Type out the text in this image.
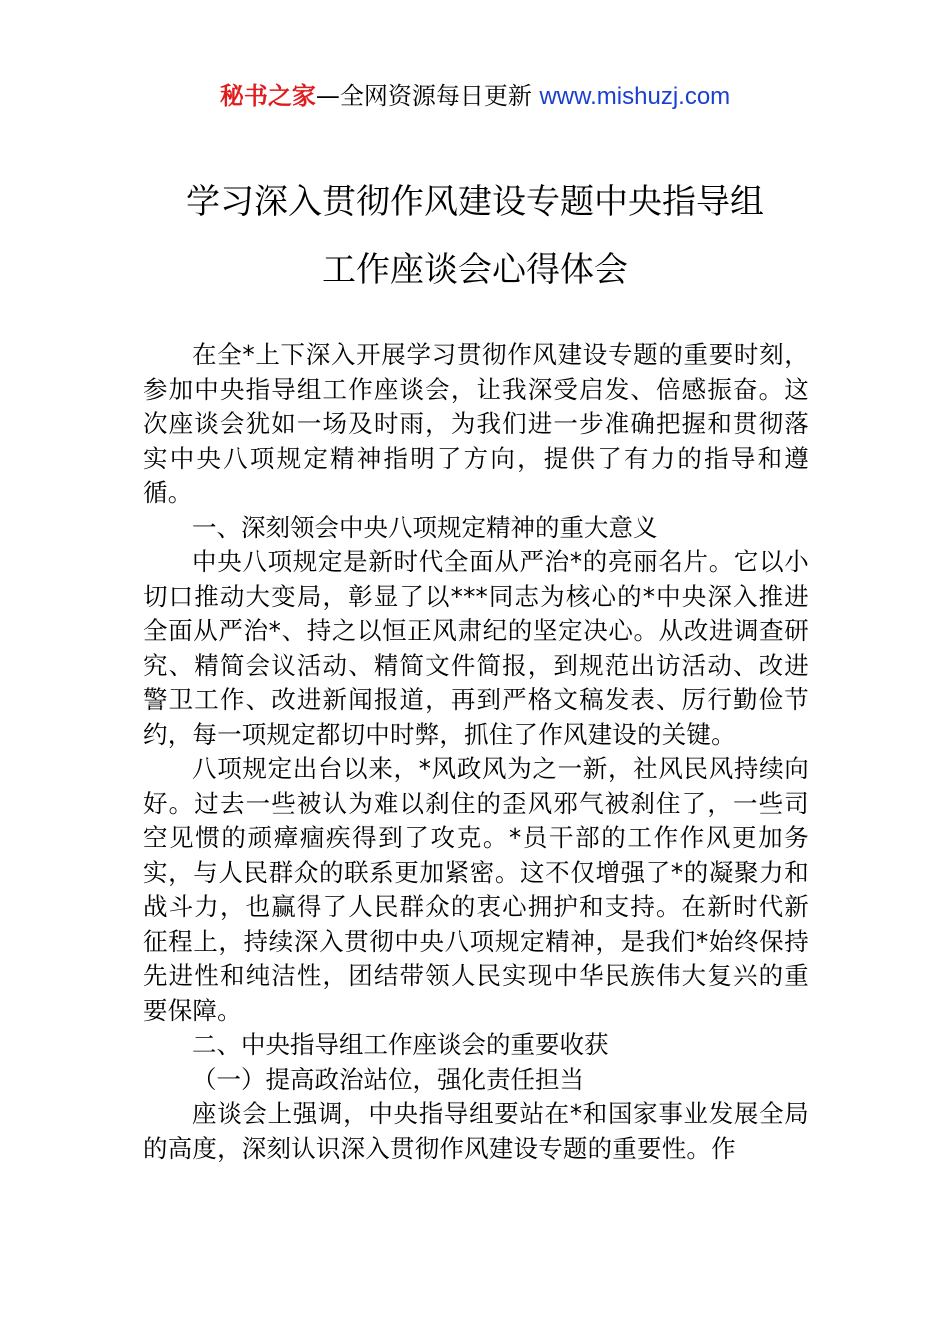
秘书之家—全网资源每日更新 www.mishuzj.com
学习深入贯彻作风建设专题中央指导组
工作座谈会心得体会

在全*上下深入开展学习贯彻作风建设专题的重要时刻，参加中央指导组工作座谈会，让我深受启发、倍感振奋。这次座谈会犹如一场及时雨，为我们进一步准确把握和贯彻落实中央八项规定精神指明了方向，提供了有力的指导和遵循。

一、深刻领会中央八项规定精神的重大意义

中央八项规定是新时代全面从严治*的亮丽名片。它以小切口推动大变局，彰显了以***同志为核心的*中央深入推进全面从严治*、持之以恒正风肃纪的坚定决心。从改进调查研究、精简会议活动、精简文件简报，到规范出访活动、改进警卫工作、改进新闻报道，再到严格文稿发表、厉行勤俭节约，每一项规定都切中时弊，抓住了作风建设的关键。

八项规定出台以来，*风政风为之一新，社风民风持续向好。过去一些被认为难以刹住的歪风邪气被刹住了，一些司空见惯的顽瘴痼疾得到了攻克。*员干部的工作作风更加务实，与人民群众的联系更加紧密。这不仅增强了*的凝聚力和战斗力，也赢得了人民群众的衷心拥护和支持。在新时代新征程上，持续深入贯彻中央八项规定精神，是我们*始终保持先进性和纯洁性，团结带领人民实现中华民族伟大复兴的重要保障。

二、中央指导组工作座谈会的重要收获

（一）提高政治站位，强化责任担当

座谈会上强调，中央指导组要站在*和国家事业发展全局的高度，深刻认识深入贯彻作风建设专题的重要性。作
